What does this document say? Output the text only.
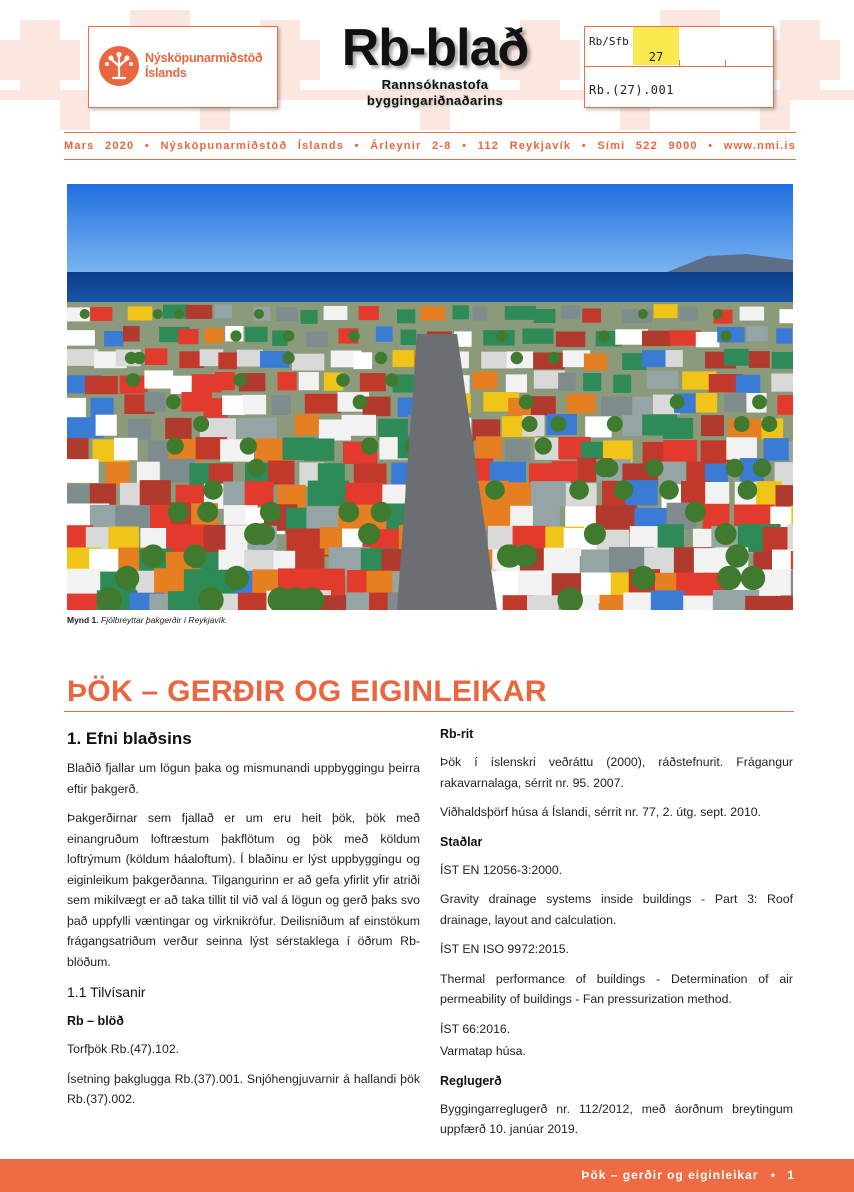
Nýsköpunarmiðstöð
Íslands	Rb-blað
Rannsóknastofa
byggingariðnaðarins
27
Rb/Sfb
Rb.(27).001
Mars 2020 • Nýsköpunarmiðstöð Íslands • Árleynir 2-8 • 112 Reykjavík • Sími 522 9000 • www.nmi.is
Mynd 1. Fjölbreyttar þakgerðir í Reykjavík.
ÞÖK – GERÐIR OG EIGINLEIKAR
1. Efni blaðsins

Blaðið fjallar um lögun þaka og mismunandi uppbyggingu þeirra eftir þakgerð.

Þakgerðirnar sem fjallað er um eru heit þök, þök með einangruðum loftræstum þakflötum og þök með köldum loftrýmum (köldum háaloftum). Í blaðinu er lýst uppbyggingu og eiginleikum þakgerðanna. Tilgangurinn er að gefa yfirlit yfir atriði sem mikilvægt er að taka tillit til við val á lögun og gerð þaks svo það uppfylli væntingar og virknikröfur. Deilisniðum af einstökum frágangsatriðum verður seinna lýst sérstaklega í öðrum Rb-blöðum.

1.1 Tilvísanir
Rb – blöð

Torfþök Rb.(47).102.

Ísetning þakglugga Rb.(37).001. Snjóhengjuvarnir á hallandi þök Rb.(37).002.

Rb-rit

Þök í íslenskri veðráttu (2000), ráðstefnurit. Frágangur rakavarnalaga, sérrit nr. 95. 2007.

Viðhaldsþörf húsa á Íslandi, sérrit nr. 77, 2. útg. sept. 2010.

Staðlar

ÍST EN 12056-3:2000.

Gravity drainage systems inside buildings - Part 3: Roof drainage, layout and calculation.

ÍST EN ISO 9972:2015.

Thermal performance of buildings - Determination of air permeability of buildings - Fan pressurization method.

ÍST 66:2016.

Varmatap húsa.

Reglugerð

Byggingarreglugerð nr. 112/2012, með áorðnum breytingum uppfærð 10. janúar 2019.

Þök – gerðir og eiginleikar • 1
